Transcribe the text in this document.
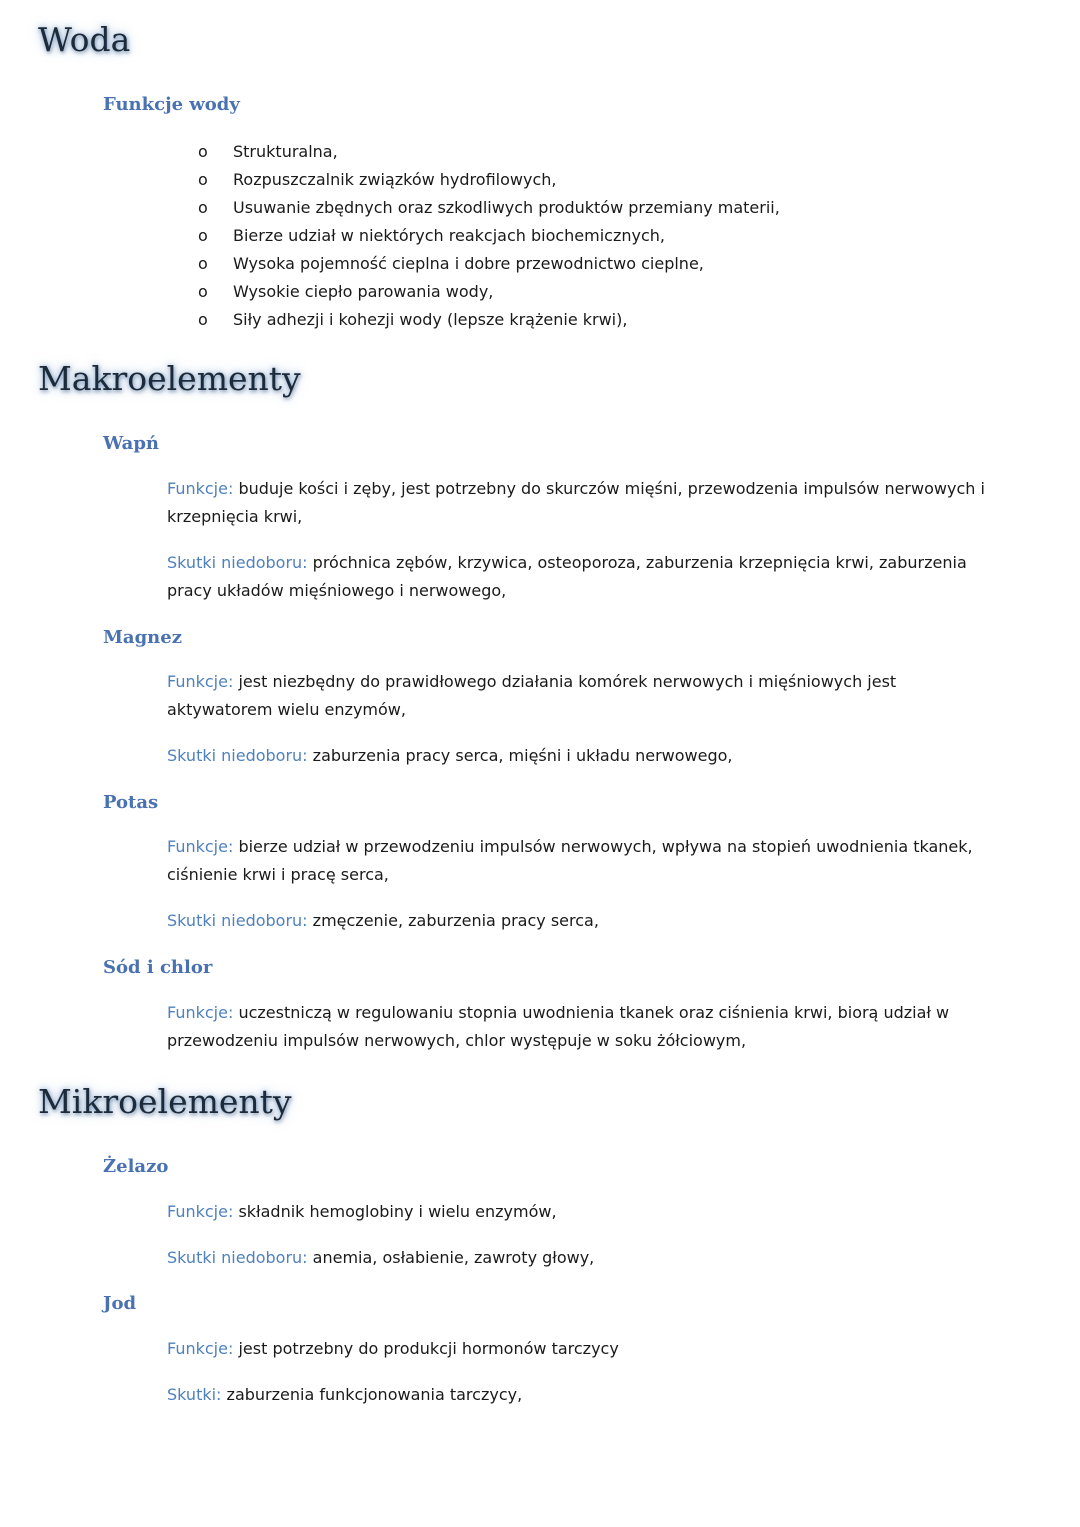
Woda
Funkcje wody
o Strukturalna,
o Rozpuszczalnik związków hydrofilowych,
o Usuwanie zbędnych oraz szkodliwych produktów przemiany materii,
o Bierze udział w niektórych reakcjach biochemicznych,
o Wysoka pojemność cieplna i dobre przewodnictwo cieplne,
o Wysokie ciepło parowania wody,
o Siły adhezji i kohezji wody (lepsze krążenie krwi),
Makroelementy
Wapń

Funkcje: buduje kości i zęby, jest potrzebny do skurczów mięśni, przewodzenia impulsów nerwowych i krzepnięcia krwi,

Skutki niedoboru: próchnica zębów, krzywica, osteoporoza, zaburzenia krzepnięcia krwi, zaburzenia pracy układów mięśniowego i nerwowego,

Magnez

Funkcje: jest niezbędny do prawidłowego działania komórek nerwowych i mięśniowych jest aktywatorem wielu enzymów,

Skutki niedoboru: zaburzenia pracy serca, mięśni i układu nerwowego,

Potas

Funkcje: bierze udział w przewodzeniu impulsów nerwowych, wpływa na stopień uwodnienia tkanek, ciśnienie krwi i pracę serca,

Skutki niedoboru: zmęczenie, zaburzenia pracy serca,

Sód i chlor

Funkcje: uczestniczą w regulowaniu stopnia uwodnienia tkanek oraz ciśnienia krwi, biorą udział w przewodzeniu impulsów nerwowych, chlor występuje w soku żółciowym,

Mikroelementy
Żelazo

Funkcje: składnik hemoglobiny i wielu enzymów,

Skutki niedoboru: anemia, osłabienie, zawroty głowy,

Jod

Funkcje: jest potrzebny do produkcji hormonów tarczycy

Skutki: zaburzenia funkcjonowania tarczycy,
